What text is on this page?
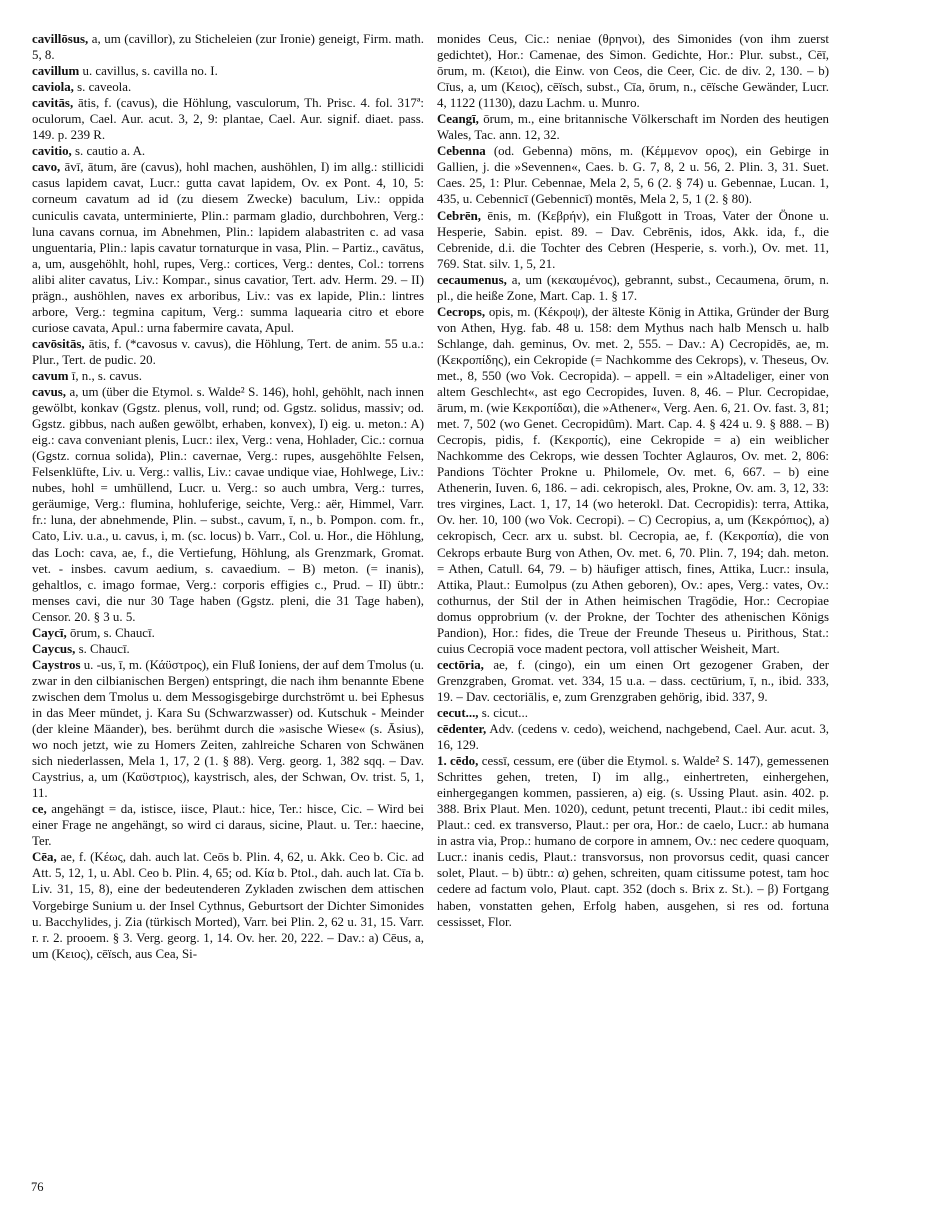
cavillōsus, a, um (cavillor), zu Sticheleien (zur Ironie) geneigt, Firm. math. 5, 8.

cavillum u. cavillus, s. cavilla no. I.

caviola, s. caveola.

cavitās, ātis, f. (cavus), die Höhlung, vasculorum, Th. Prisc. 4. fol. 317ª: oculorum, Cael. Aur. acut. 3, 2, 9: plantae, Cael. Aur. signif. diaet. pass. 149. p. 239 R.

cavitio, s. cautio a. A.

cavo, āvī, ātum, āre (cavus), hohl machen, aushöhlen, I) im allg.: stillicidi casus lapidem cavat, Lucr.: gutta cavat lapidem, Ov. ex Pont. 4, 10, 5: corneum cavatum ad id (zu diesem Zwecke) baculum, Liv.: oppida cuniculis cavata, unterminierte, Plin.: parmam gladio, durchbohren, Verg.: luna cavans cornua, im Abnehmen, Plin.: lapidem alabastriten c. ad vasa unguentaria, Plin.: lapis cavatur tornaturque in vasa, Plin. – Partiz., cavātus, a, um, ausgehöhlt, hohl, rupes, Verg.: cortices, Verg.: dentes, Col.: torrens alibi aliter cavatus, Liv.: Kompar., sinus cavatior, Tert. adv. Herm. 29. – II) prägn., aushöhlen, naves ex arboribus, Liv.: vas ex lapide, Plin.: lintres arbore, Verg.: tegmina capitum, Verg.: summa laquearia citro et ebore curiose cavata, Apul.: urna fabermire cavata, Apul.

cavōsitās, ātis, f. (*cavosus v. cavus), die Höhlung, Tert. de anim. 55 u.a.: Plur., Tert. de pudic. 20.

cavum ī, n., s. cavus.

cavus, a, um (über die Etymol. s. Walde² S. 146), hohl, gehöhlt, nach innen gewölbt, konkav (Ggstz. plenus, voll, rund; od. Ggstz. solidus, massiv; od. Ggstz. gibbus, nach außen gewölbt, erhaben, konvex), I) eig. u. meton.: A) eig.: cava conveniant plenis, Lucr.: ilex, Verg.: vena, Hohlader, Cic.: cornua (Ggstz. cornua solida), Plin.: cavernae, Verg.: rupes, ausgehöhlte Felsen, Felsenklüfte, Liv. u. Verg.: vallis, Liv.: cavae undique viae, Hohlwege, Liv.: nubes, hohl = umhüllend, Lucr. u. Verg.: so auch umbra, Verg.: turres, geräumige, Verg.: flumina, hohluferige, seichte, Verg.: aër, Himmel, Varr. fr.: luna, der abnehmende, Plin. – subst., cavum, ī, n., b. Pompon. com. fr., Cato, Liv. u.a., u. cavus, i, m. (sc. locus) b. Varr., Col. u. Hor., die Höhlung, das Loch: cava, ae, f., die Vertiefung, Höhlung, als Grenzmark, Gromat. vet. - insbes. cavum aedium, s. cavaedium. – B) meton. (= inanis), gehaltlos, c. imago formae, Verg.: corporis effigies c., Prud. – II) übtr.: menses cavi, die nur 30 Tage haben (Ggstz. pleni, die 31 Tage haben), Censor. 20. § 3 u. 5.

Caycī, ōrum, s. Chaucī.

Caycus, s. Chaucī.

Caystros u. -us, ī, m. (Κάϋστρος), ein Fluß Ioniens, der auf dem Tmolus (u. zwar in den cilbianischen Bergen) entspringt, die nach ihm benannte Ebene zwischen dem Tmolus u. dem Messogisgebirge durchströmt u. bei Ephesus in das Meer mündet, j. Kara Su (Schwarzwasser) od. Kutschuk - Meinder (der kleine Mäander), bes. berühmt durch die »asische Wiese« (s. Āsius), wo noch jetzt, wie zu Homers Zeiten, zahlreiche Scharen von Schwänen sich niederlassen, Mela 1, 17, 2 (1. § 88). Verg. georg. 1, 382 sqq. – Dav. Caystrius, a, um (Καϋστριος), kaystrisch, ales, der Schwan, Ov. trist. 5, 1, 11.

ce, angehängt = da, istisce, iisce, Plaut.: hice, Ter.: hisce, Cic. – Wird bei einer Frage ne angehängt, so wird ci daraus, sicine, Plaut. u. Ter.: haecine, Ter.

Cēa, ae, f. (Κέως, dah. auch lat. Ceōs b. Plin. 4, 62, u. Akk. Ceo b. Cic. ad Att. 5, 12, 1, u. Abl. Ceo b. Plin. 4, 65; od. Κία b. Ptol., dah. auch lat. Cīa b. Liv. 31, 15, 8), eine der bedeutenderen Zykladen zwischen dem attischen Vorgebirge Sunium u. der Insel Cythnus, Geburtsort der Dichter Simonides u. Bacchylides, j. Zia (türkisch Morted), Varr. bei Plin. 2, 62 u. 31, 15. Varr. r. r. 2. prooem. § 3. Verg. georg. 1, 14. Ov. her. 20, 222. – Dav.: a) Cēus, a, um (Κειος), cēïsch, aus Cea, Si-

monides Ceus, Cic.: neniae (θρηνοι), des Simonides (von ihm zuerst gedichtet), Hor.: Camenae, des Simon. Gedichte, Hor.: Plur. subst., Cēī, ōrum, m. (Κειοι), die Einw. von Ceos, die Ceer, Cic. de div. 2, 130. – b) Cīus, a, um (Κειος), cēïsch, subst., Cīa, ōrum, n., cēïsche Gewänder, Lucr. 4, 1122 (1130), dazu Lachm. u. Munro.

Ceangī, ōrum, m., eine britannische Völkerschaft im Norden des heutigen Wales, Tac. ann. 12, 32.

Cebenna (od. Gebenna) mōns, m. (Κέμμενον ορος), ein Gebirge in Gallien, j. die »Sevennen«, Caes. b. G. 7, 8, 2 u. 56, 2. Plin. 3, 31. Suet. Caes. 25, 1: Plur. Cebennae, Mela 2, 5, 6 (2. § 74) u. Gebennae, Lucan. 1, 435, u. Cebennicī (Gebennicī) montēs, Mela 2, 5, 1 (2. § 80).

Cebrēn, ēnis, m. (Κεβρήν), ein Flußgott in Troas, Vater der Önone u. Hesperie, Sabin. epist. 89. – Dav. Cebrēnis, idos, Akk. ida, f., die Cebrenide, d.i. die Tochter des Cebren (Hesperie, s. vorh.), Ov. met. 11, 769. Stat. silv. 1, 5, 21.

cecaumenus, a, um (κεκαυμένος), gebrannt, subst., Cecaumena, ōrum, n. pl., die heiße Zone, Mart. Cap. 1. § 17.

Cecrops, opis, m. (Κέκροψ), der älteste König in Attika, Gründer der Burg von Athen, Hyg. fab. 48 u. 158: dem Mythus nach halb Mensch u. halb Schlange, dah. geminus, Ov. met. 2, 555. – Dav.: A) Cecropidēs, ae, m. (Κεκροπίδης), ein Cekropide (= Nachkomme des Cekrops), v. Theseus, Ov. met., 8, 550 (wo Vok. Cecropida). – appell. = ein »Altadeliger, einer von altem Geschlecht«, ast ego Cecropides, Iuven. 8, 46. – Plur. Cecropidae, ārum, m. (wie Κεκροπίδαι), die »Athener«, Verg. Aen. 6, 21. Ov. fast. 3, 81; met. 7, 502 (wo Genet. Cecropidûm). Mart. Cap. 4. § 424 u. 9. § 888. – B) Cecropis, pidis, f. (Κεκροπίς), eine Cekropide = a) ein weiblicher Nachkomme des Cekrops, wie dessen Tochter Aglauros, Ov. met. 2, 806: Pandions Töchter Prokne u. Philomele, Ov. met. 6, 667. – b) eine Athenerin, Iuven. 6, 186. – adi. cekropisch, ales, Prokne, Ov. am. 3, 12, 33: tres virgines, Lact. 1, 17, 14 (wo heterokl. Dat. Cecropidis): terra, Attika, Ov. her. 10, 100 (wo Vok. Cecropi). – C) Cecropius, a, um (Κεκρόπιος), a) cekropisch, Cecr. arx u. subst. bl. Cecropia, ae, f. (Κεκροπία), die von Cekrops erbaute Burg von Athen, Ov. met. 6, 70. Plin. 7, 194; dah. meton. = Athen, Catull. 64, 79. – b) häufiger attisch, fines, Attika, Lucr.: insula, Attika, Plaut.: Eumolpus (zu Athen geboren), Ov.: apes, Verg.: vates, Ov.: cothurnus, der Stil der in Athen heimischen Tragödie, Hor.: Cecropiae domus opprobrium (v. der Prokne, der Tochter des athenischen Königs Pandion), Hor.: fides, die Treue der Freunde Theseus u. Pirithous, Stat.: cuius Cecropiā voce madent pectora, voll attischer Weisheit, Mart.

cectōria, ae, f. (cingo), ein um einen Ort gezogener Graben, der Grenzgraben, Gromat. vet. 334, 15 u.a. – dass. cectūrium, ī, n., ibid. 333, 19. – Dav. cectoriālis, e, zum Grenzgraben gehörig, ibid. 337, 9.

cecut..., s. cicut...

cēdenter, Adv. (cedens v. cedo), weichend, nachgebend, Cael. Aur. acut. 3, 16, 129.

1. cēdo, cessī, cessum, ere (über die Etymol. s. Walde² S. 147), gemessenen Schrittes gehen, treten, I) im allg., einhertreten, einhergehen, einhergegangen kommen, passieren, a) eig. (s. Ussing Plaut. asin. 402. p. 388. Brix Plaut. Men. 1020), cedunt, petunt trecenti, Plaut.: ibi cedit miles, Plaut.: ced. ex transverso, Plaut.: per ora, Hor.: de caelo, Lucr.: ab humana in astra via, Prop.: humano de corpore in amnem, Ov.: nec cedere quoquam, Lucr.: inanis cedis, Plaut.: transvorsus, non provorsus cedit, quasi cancer solet, Plaut. – b) übtr.: α) gehen, schreiten, quam citissume potest, tam hoc cedere ad factum volo, Plaut. capt. 352 (doch s. Brix z. St.). – β) Fortgang haben, vonstatten gehen, Erfolg haben, ausgehen, si res od. fortuna cessisset, Flor.

76
